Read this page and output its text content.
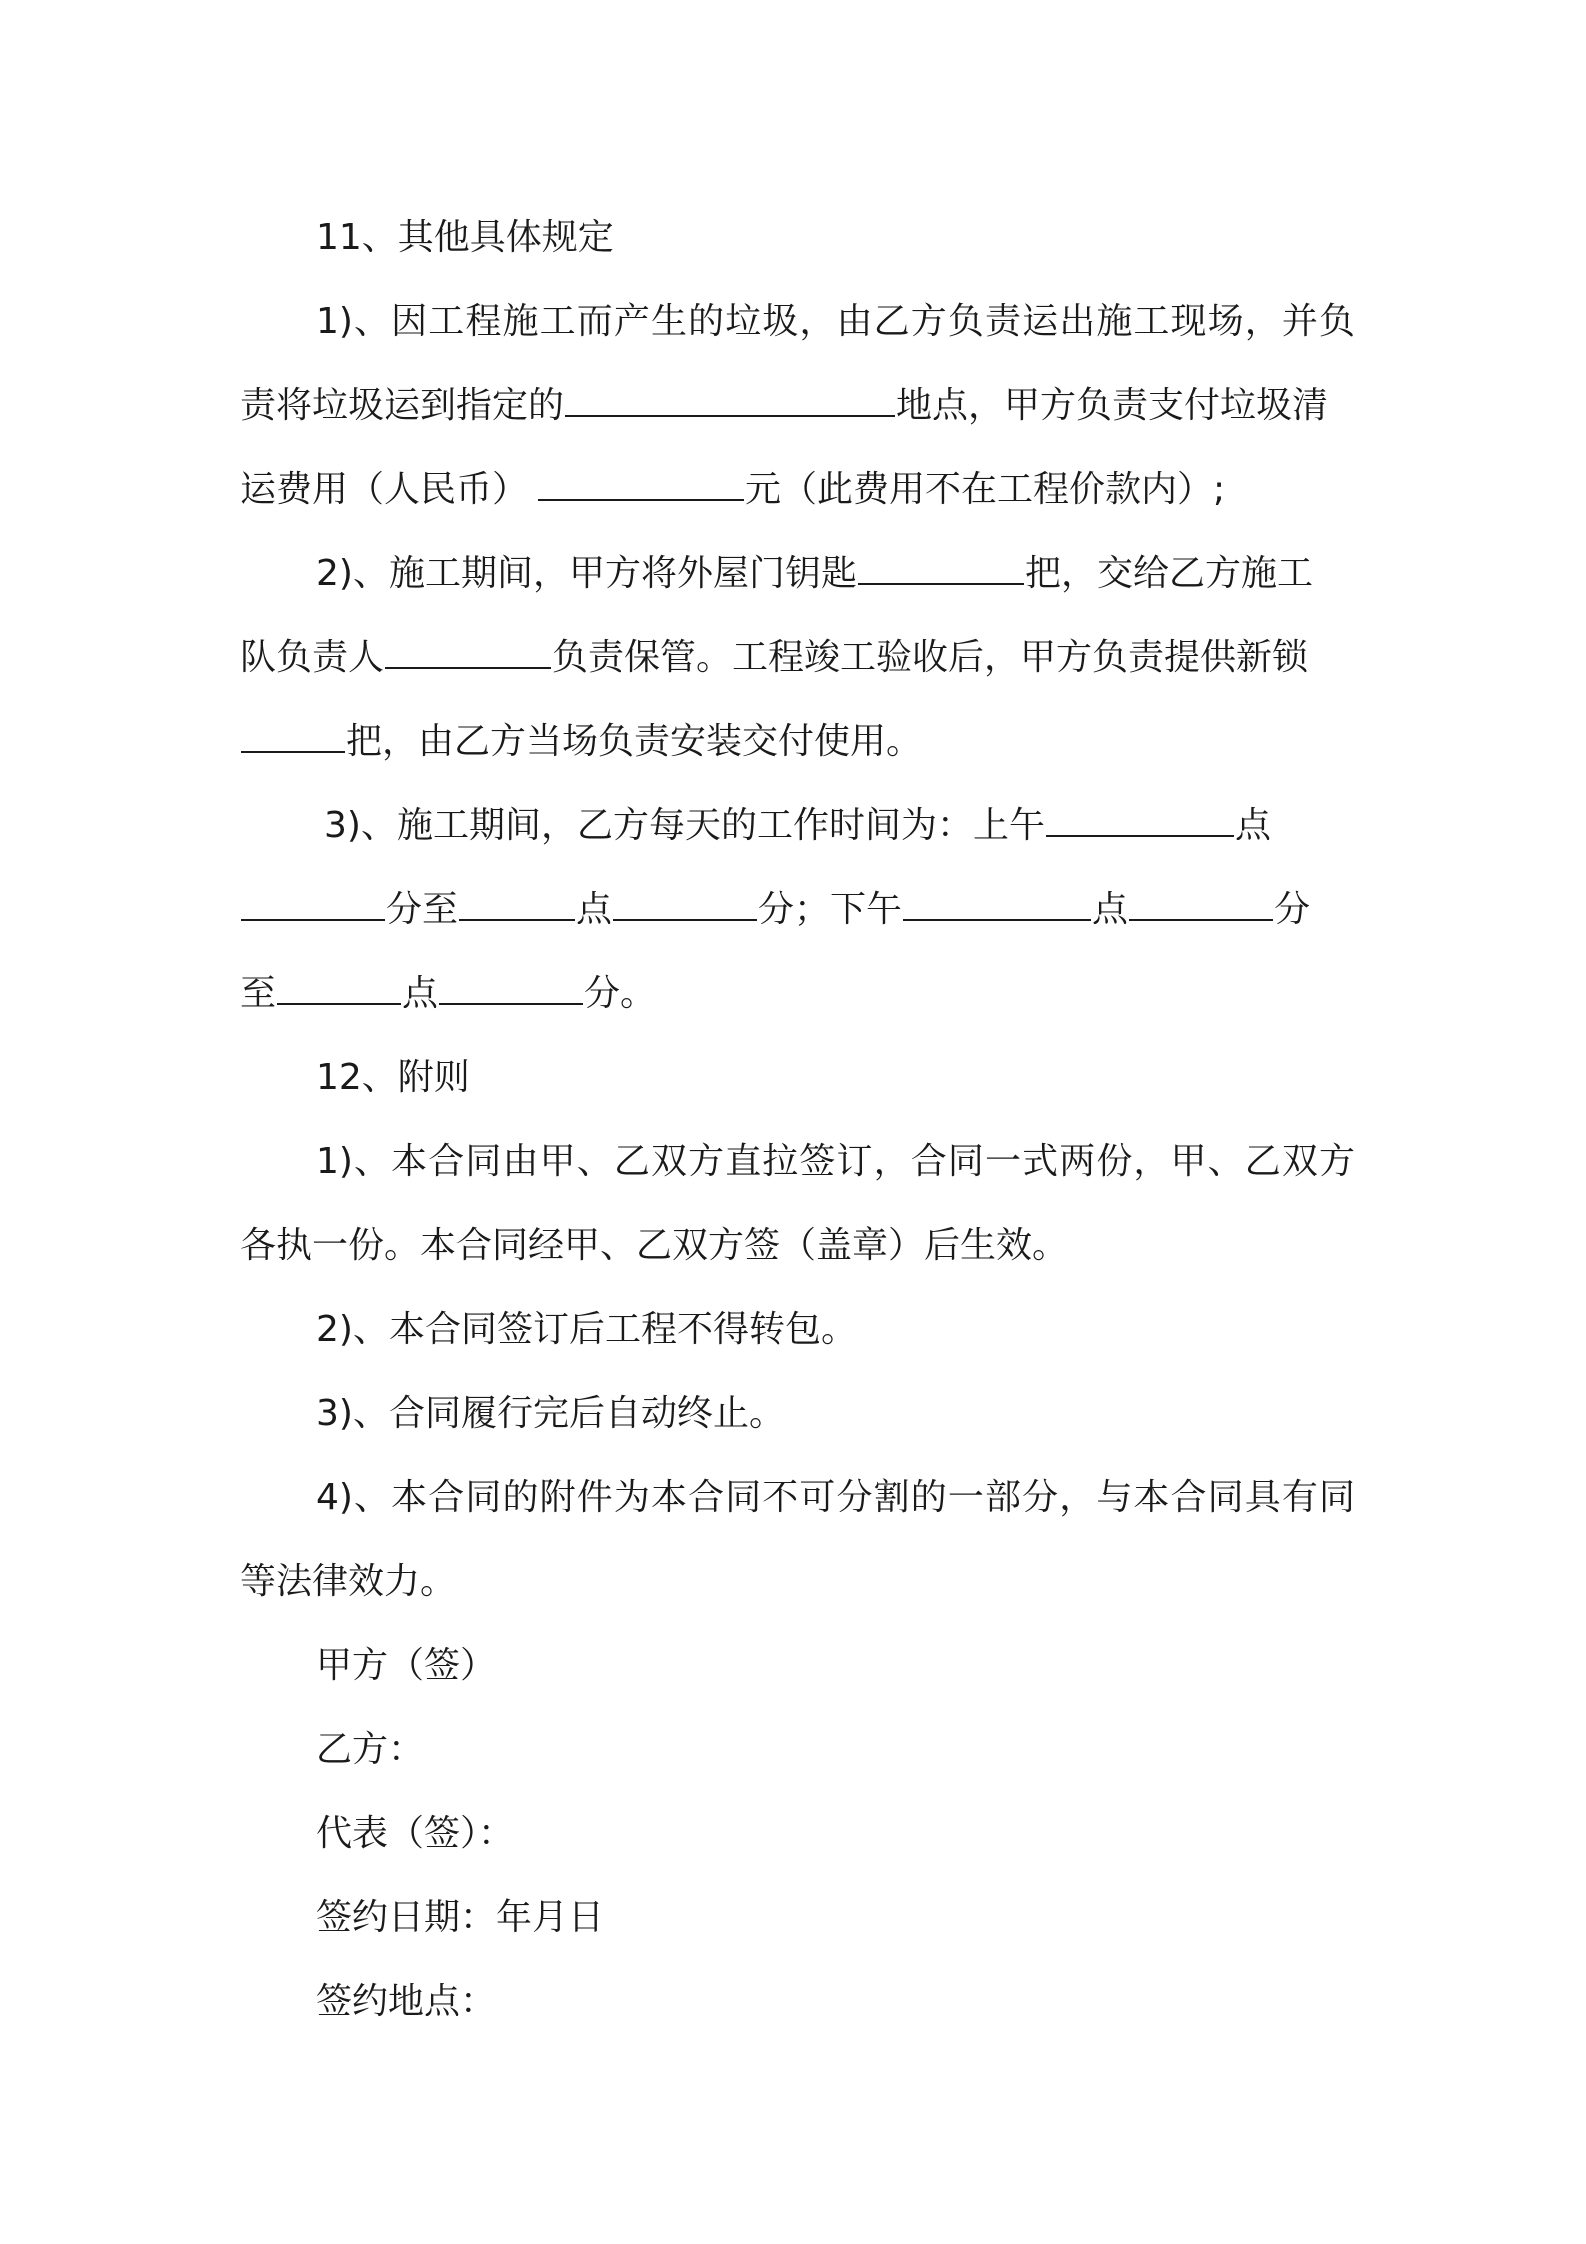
11、其他具体规定
1)、因工程施工而产生的垃圾，由乙方负责运出施工现场，并负
责将垃圾运到指定的	地点，甲方负责支付垃圾清
运费用（人民币）	元（此费用不在工程价款内）;
2)、施工期间，甲方将外屋门钥匙	把，交给乙方施工
队负责人	负责保管。工程竣工验收后，甲方负责提供新锁
把，由乙方当场负责安装交付使用。
3)、施工期间，乙方每天的工作时间为：上午	点
分至	点	分；下午	点	分
至	点	分。
12、附则
1)、本合同由甲、乙双方直拉签订，合同一式两份，甲、乙双方
各执一份。本合同经甲、乙双方签（盖章）后生效。
2)、本合同签订后工程不得转包。
3)、合同履行完后自动终止。
4)、本合同的附件为本合同不可分割的一部分，与本合同具有同
等法律效力。
甲方（签）
乙方：
代表（签）：
签约日期：年月日
签约地点：
